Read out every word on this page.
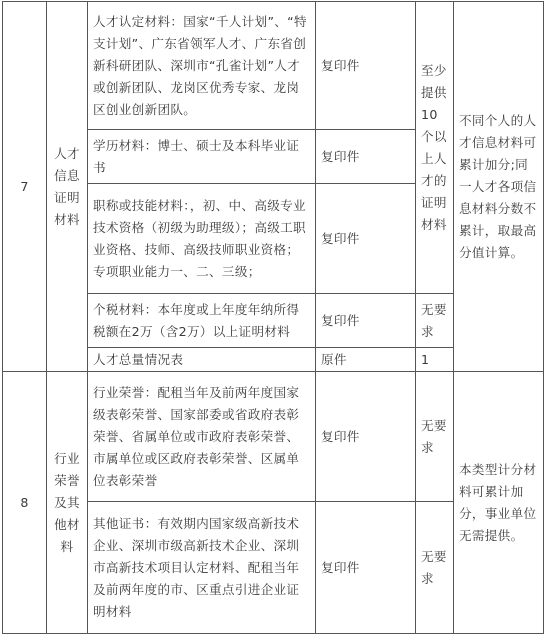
7	人才信息证明材料	人才认定材料：国家“千人计划”、“特支计划”、广东省领军人才、广东省创新科研团队、深圳市“孔雀计划”人才或创新团队、龙岗区优秀专家、龙岗区创业创新团队。	复印件	至少提供10个以上人才的证明材料	不同个人的人才信息材料可累计加分;同一人才各项信息材料分数不累计，取最高分值计算。
		学历材料：博士、硕士及本科毕业证书	复印件		
		职称或技能材料：，初、中、高级专业技术资格（初级为助理级）；高级工职业资格、技师、高级技师职业资格；专项职业能力一、二、三级；	复印件		
		个税材料：本年度或上年度年纳所得税额在2万（含2万）以上证明材料	复印件	无要求	
		人才总量情况表	原件	1	
8	行业荣誉及其他材料	行业荣誉：配租当年及前两年度国家级表彰荣誉、国家部委或省政府表彰荣誉、省属单位或市政府表彰荣誉、市属单位或区政府表彰荣誉、区属单位表彰荣誉	复印件	无要求	本类型计分材料可累计加分，事业单位无需提供。
		其他证书：有效期内国家级高新技术企业、深圳市级高新技术企业、深圳市高新技术项目认定材料、配租当年及前两年度的市、区重点引进企业证明材料	复印件	无要求	
